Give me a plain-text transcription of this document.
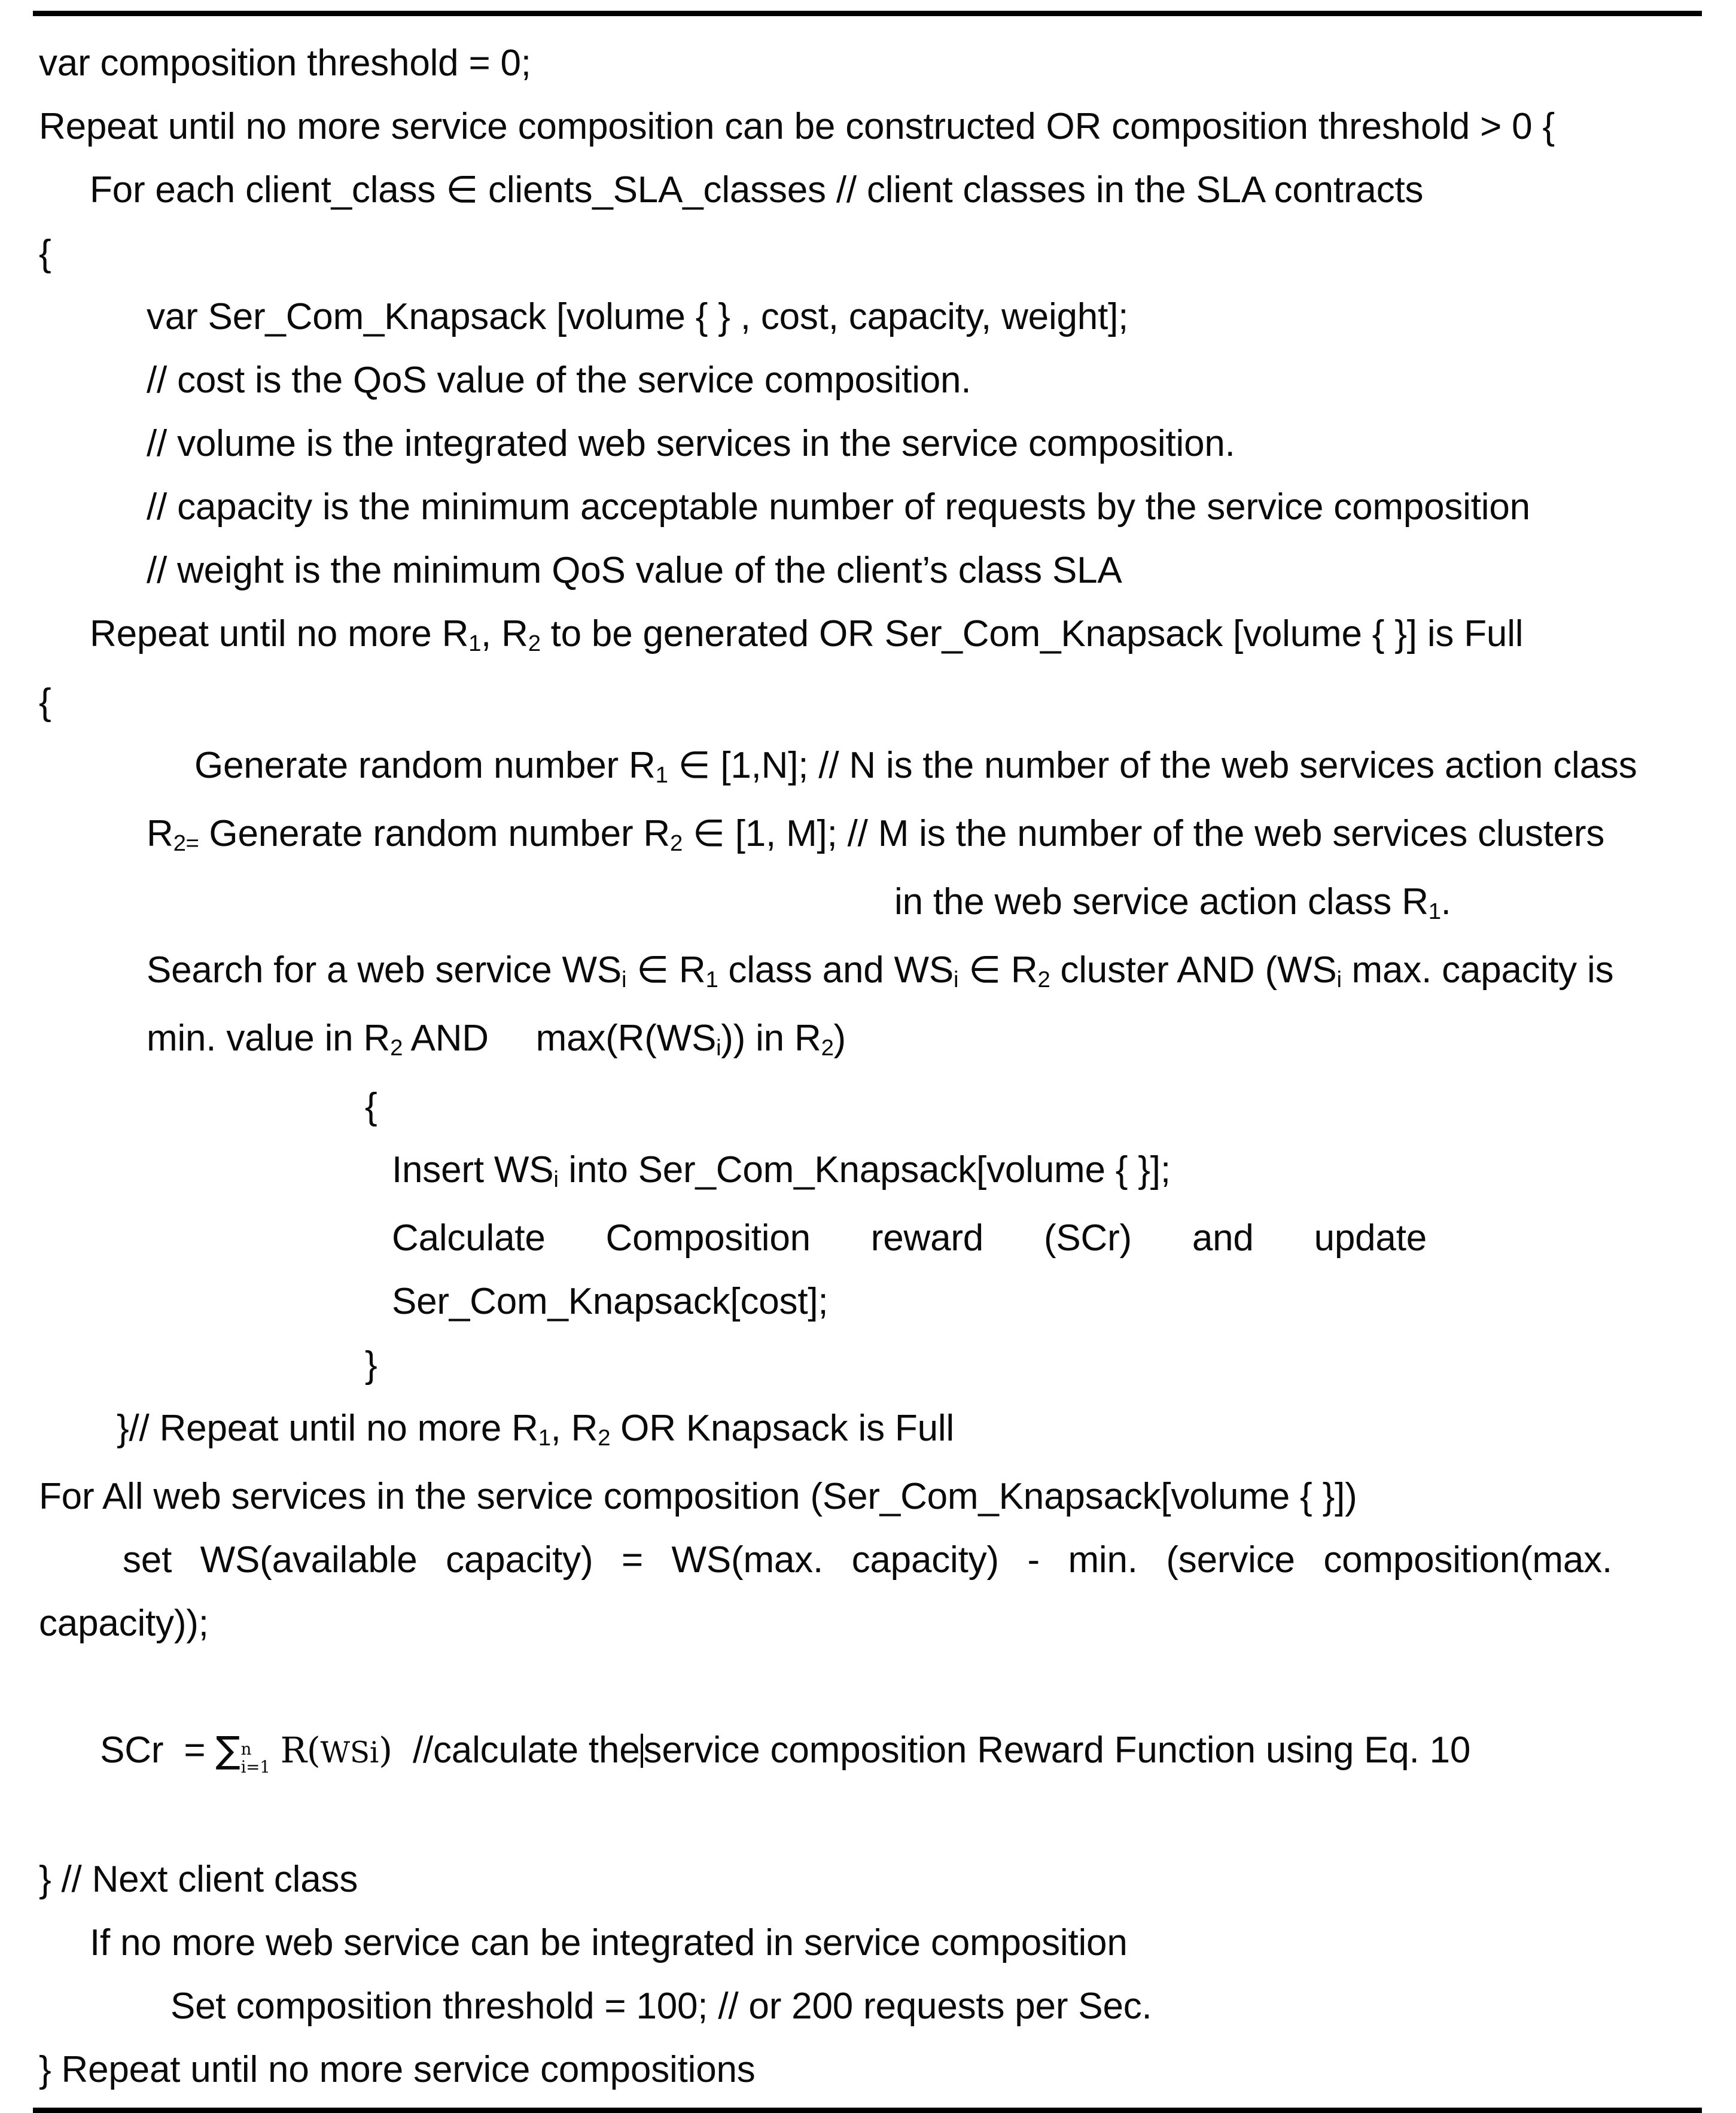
var composition threshold = 0;
Repeat until no more service composition can be constructed OR composition threshold > 0 {
For each client_class ∈ clients_SLA_classes // client classes in the SLA contracts
{
var Ser_Com_Knapsack [volume { } , cost, capacity, weight];
// cost is the QoS value of the service composition.
// volume is the integrated web services in the service composition.
// capacity is the minimum acceptable number of requests by the service composition
// weight is the minimum QoS value of the client’s class SLA
Repeat until no more $R_1$, $R_2$ to be generated OR Ser_Com_Knapsack [volume { }] is Full
{
Generate random number $R_1$ ∈ [1,N]; // N is the number of the web services action class
$R_{2=}$ Generate random number $R_2$ ∈ [1, M]; // M is the number of the web services clusters
in the web service action class $R_1$.
Search for a web service $WS_i$ ∈ $R_1$ class and $WS_i$ ∈ $R_2$ cluster AND ($WS_i$ max. capacity is
min. value in $R_2$ AND  $\max(R(WS_i))$ in $R_2$)
{
Insert $WS_i$ into Ser_Com_Knapsack[volume { }];
Calculate Composition reward (SCr) and update
Ser_Com_Knapsack[cost];
}
}// Repeat until no more $R_1$, $R_2$ OR Knapsack is Full
For All web services in the service composition (Ser_Com_Knapsack[volume { }])
set WS(available capacity) = WS(max. capacity) - min. (service composition(max.
capacity));

SCr = ∑ n
i=1 R(WSi) //calculate theservice composition Reward Function using Eq. 10

} // Next client class
If no more web service can be integrated in service composition
Set composition threshold = 100; // or 200 requests per Sec.
} Repeat until no more service compositions
